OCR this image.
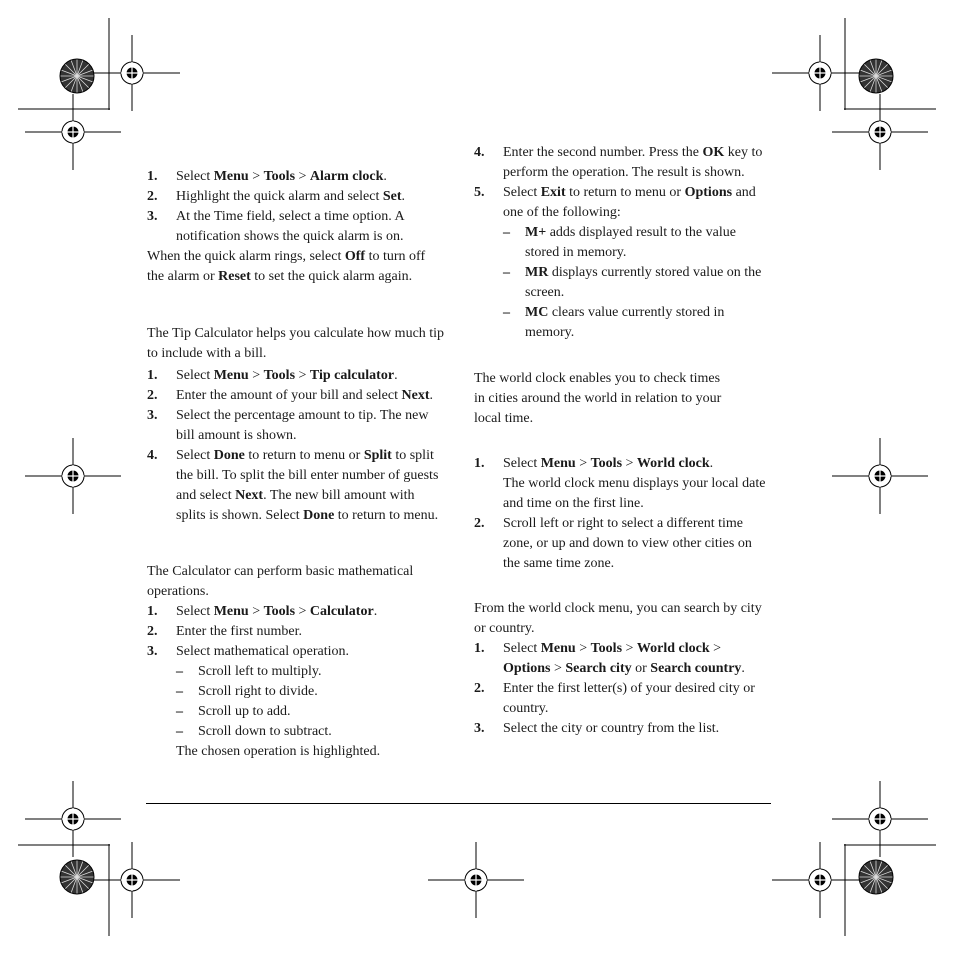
1. Select Menu > Tools > Alarm clock.
2. Highlight the quick alarm and select Set.
3. At the Time field, select a time option. A notification shows the quick alarm is on.

When the quick alarm rings, select Off to turn off the alarm or Reset to set the quick alarm again.

The Tip Calculator helps you calculate how much tip to include with a bill.

1. Select Menu > Tools > Tip calculator.
2. Enter the amount of your bill and select Next.
3. Select the percentage amount to tip. The new bill amount is shown.
4. Select Done to return to menu or Split to split the bill. To split the bill enter number of guests and select Next. The new bill amount with splits is shown. Select Done to return to menu.

The Calculator can perform basic mathematical operations.

1. Select Menu > Tools > Calculator.
2. Enter the first number.
3. Select mathematical operation.
– Scroll left to multiply.
– Scroll right to divide.
– Scroll up to add.
– Scroll down to subtract.

The chosen operation is highlighted.

4. Enter the second number. Press the OK key to perform the operation. The result is shown.
5. Select Exit to return to menu or Options and one of the following:
– M+ adds displayed result to the value stored in memory.
– MR displays currently stored value on the screen.
– MC clears value currently stored in memory.

The world clock enables you to check times in cities around the world in relation to your local time.

1. Select Menu > Tools > World clock.

The world clock menu displays your local date and time on the first line.

2. Scroll left or right to select a different time zone, or up and down to view other cities on the same time zone.

From the world clock menu, you can search by city or country.

1. Select Menu > Tools > World clock > Options > Search city or Search country.
2. Enter the first letter(s) of your desired city or country.
3. Select the city or country from the list.
